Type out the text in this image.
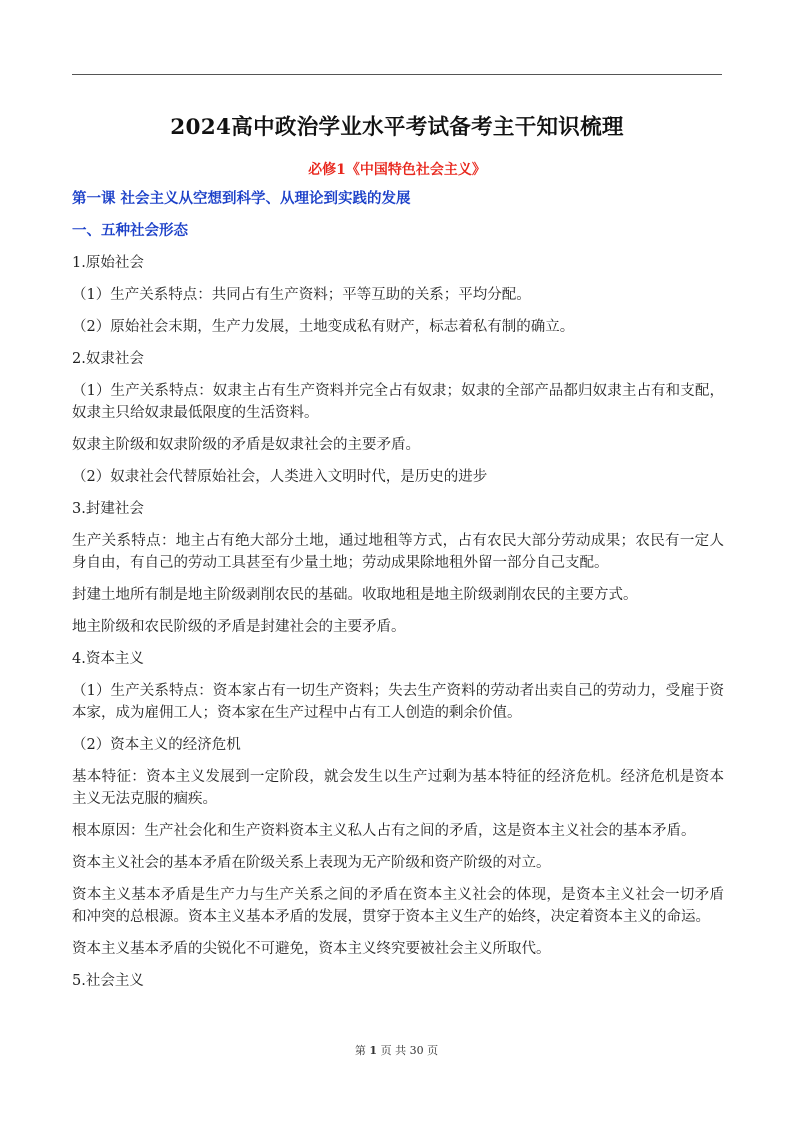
2024高中政治学业水平考试备考主干知识梳理
必修1《中国特色社会主义》
第一课 社会主义从空想到科学、从理论到实践的发展
一、五种社会形态
1.原始社会
（1）生产关系特点：共同占有生产资料；平等互助的关系；平均分配。
（2）原始社会末期，生产力发展，土地变成私有财产，标志着私有制的确立。
2.奴隶社会
（1）生产关系特点：奴隶主占有生产资料并完全占有奴隶；奴隶的全部产品都归奴隶主占有和支配，奴隶主只给奴隶最低限度的生活资料。
奴隶主阶级和奴隶阶级的矛盾是奴隶社会的主要矛盾。
（2）奴隶社会代替原始社会，人类进入文明时代，是历史的进步
3.封建社会
生产关系特点：地主占有绝大部分土地，通过地租等方式，占有农民大部分劳动成果；农民有一定人身自由，有自己的劳动工具甚至有少量土地；劳动成果除地租外留一部分自己支配。
封建土地所有制是地主阶级剥削农民的基础。收取地租是地主阶级剥削农民的主要方式。
地主阶级和农民阶级的矛盾是封建社会的主要矛盾。
4.资本主义
（1）生产关系特点：资本家占有一切生产资料；失去生产资料的劳动者出卖自己的劳动力，受雇于资本家，成为雇佣工人；资本家在生产过程中占有工人创造的剩余价值。
（2）资本主义的经济危机
基本特征：资本主义发展到一定阶段，就会发生以生产过剩为基本特征的经济危机。经济危机是资本主义无法克服的痼疾。
根本原因：生产社会化和生产资料资本主义私人占有之间的矛盾，这是资本主义社会的基本矛盾。
资本主义社会的基本矛盾在阶级关系上表现为无产阶级和资产阶级的对立。
资本主义基本矛盾是生产力与生产关系之间的矛盾在资本主义社会的体现，是资本主义社会一切矛盾和冲突的总根源。资本主义基本矛盾的发展，贯穿于资本主义生产的始终，决定着资本主义的命运。
资本主义基本矛盾的尖锐化不可避免，资本主义终究要被社会主义所取代。
5.社会主义
第 1 页 共 30 页
